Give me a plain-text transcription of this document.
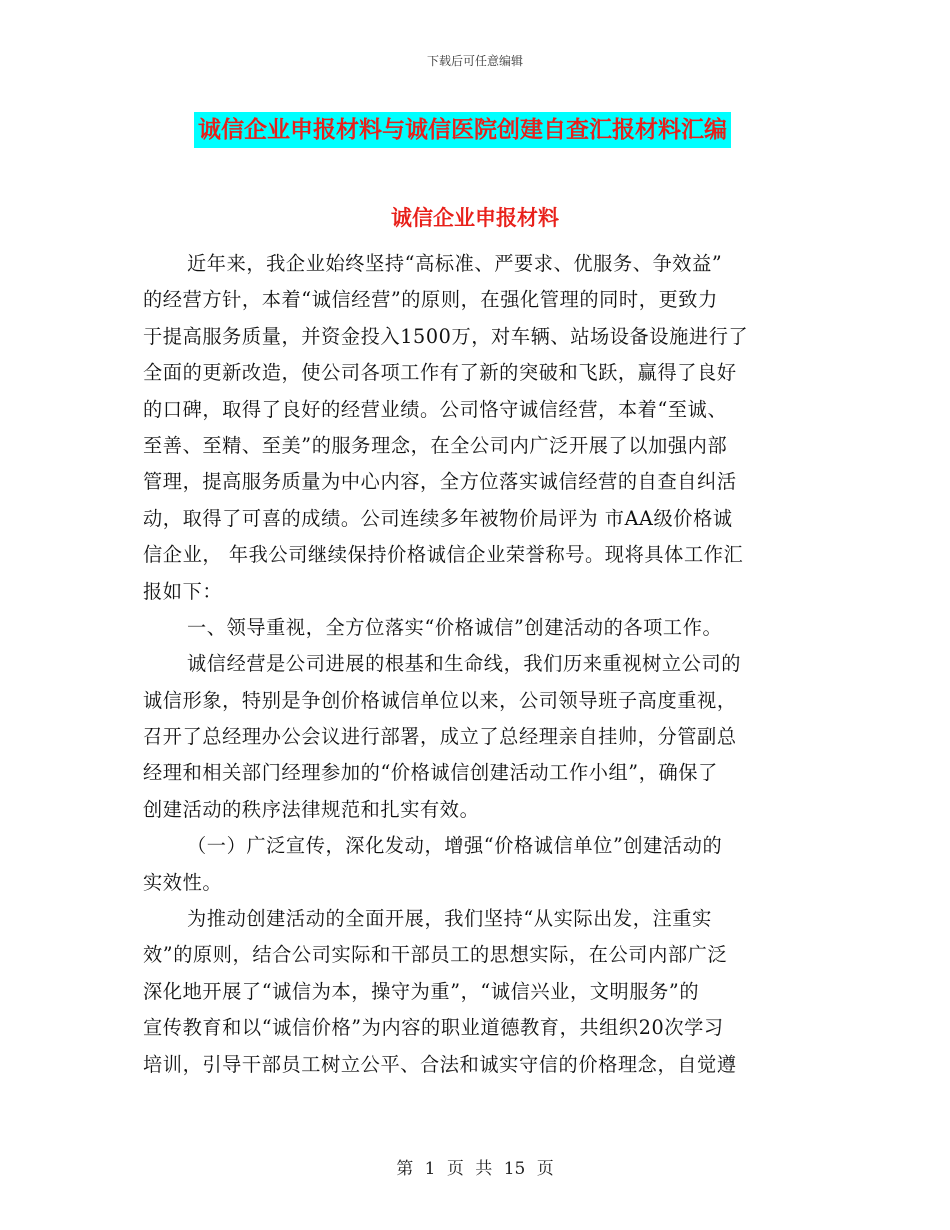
下载后可任意编辑
诚信企业申报材料与诚信医院创建自查汇报材料汇编
诚信企业申报材料
近年来，我企业始终坚持“高标准、严要求、优服务、争效益”
的经营方针，本着“诚信经营”的原则，在强化管理的同时，更致力
于提高服务质量，并资金投入1500万，对车辆、站场设备设施进行了
全面的更新改造，使公司各项工作有了新的突破和飞跃，赢得了良好
的口碑，取得了良好的经营业绩。公司恪守诚信经营，本着“至诚、
至善、至精、至美”的服务理念，在全公司内广泛开展了以加强内部
管理，提高服务质量为中心内容，全方位落实诚信经营的自查自纠活
动，取得了可喜的成绩。公司连续多年被物价局评为 市AA级价格诚
信企业， 年我公司继续保持价格诚信企业荣誉称号。现将具体工作汇
报如下：
一、领导重视，全方位落实“价格诚信”创建活动的各项工作。
诚信经营是公司进展的根基和生命线，我们历来重视树立公司的
诚信形象，特别是争创价格诚信单位以来，公司领导班子高度重视，
召开了总经理办公会议进行部署，成立了总经理亲自挂帅，分管副总
经理和相关部门经理参加的“价格诚信创建活动工作小组”，确保了
创建活动的秩序法律规范和扎实有效。
（一）广泛宣传，深化发动，增强“价格诚信单位”创建活动的
实效性。
为推动创建活动的全面开展，我们坚持“从实际出发，注重实
效”的原则，结合公司实际和干部员工的思想实际，在公司内部广泛
深化地开展了“诚信为本，操守为重”，“诚信兴业，文明服务”的
宣传教育和以“诚信价格”为内容的职业道德教育，共组织20次学习
培训，引导干部员工树立公平、合法和诚实守信的价格理念，自觉遵
第 1 页 共 15 页
